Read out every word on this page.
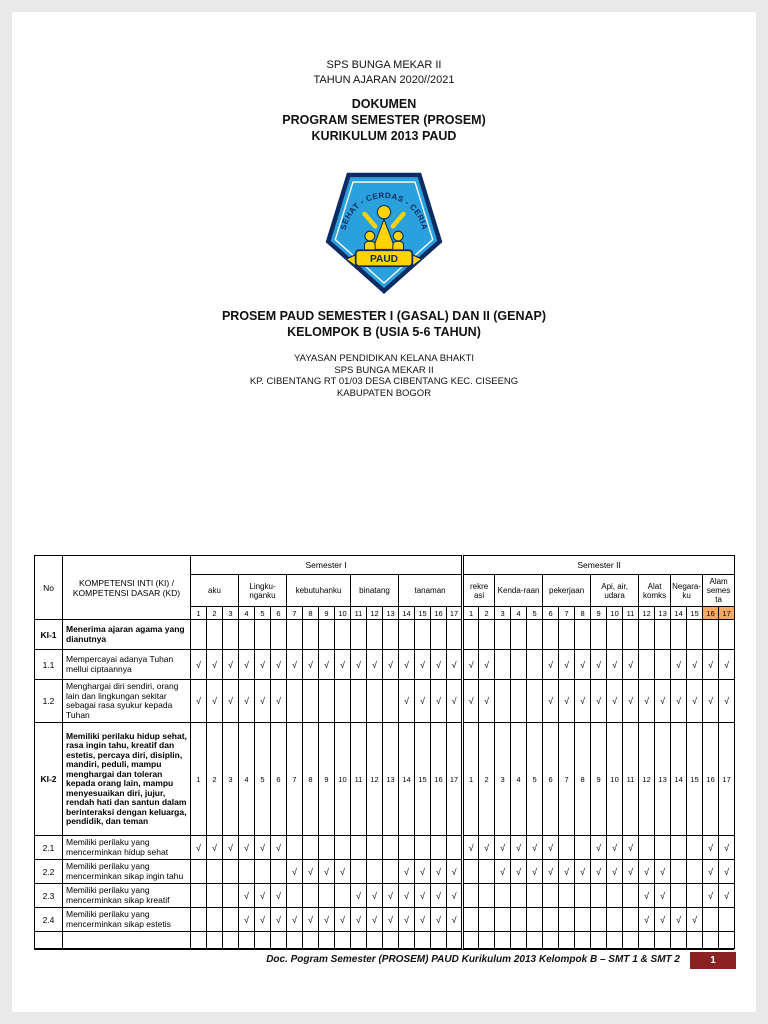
SPS BUNGA MEKAR II
TAHUN AJARAN 2020//2021
DOKUMEN
PROGRAM SEMESTER (PROSEM)
KURIKULUM 2013 PAUD
SEHAT - CERDAS - CERIA
PAUD
PROSEM PAUD SEMESTER I (GASAL) DAN II (GENAP)
KELOMPOK B (USIA 5-6 TAHUN)
YAYASAN PENDIDIKAN KELANA BHAKTI
SPS BUNGA MEKAR II
KP. CIBENTANG RT 01/03 DESA CIBENTANG KEC. CISEENG
KABUPATEN BOGOR
No	KOMPETENSI INTI (KI) / KOMPETENSI DASAR (KD)	Semester I																	Semester II																
		aku			Lingku-nganku			kebutuhanku				binatang			tanaman				rekre asi		Kenda-raan			pekerjaan			Api, air, udara			Alat komks		Negara-ku		Alam semes ta	
		1	2	3	4	5	6	7	8	9	10	11	12	13	14	15	16	17	1	2	3	4	5	6	7	8	9	10	11	12	13	14	15	16	17
KI-1	Menerima ajaran agama yang dianutnya																																		
1.1	Mempercayai adanya Tuhan mellui ciptaannya	√	√	√	√	√	√	√	√	√	√	√	√	√	√	√	√	√	√	√				√	√	√	√	√	√			√	√	√	√
1.2	Menghargai diri sendiri, orang lain dan lingkungan sekitar sebagai rasa syukur kepada Tuhan	√	√	√	√	√	√								√	√	√	√	√	√				√	√	√	√	√	√	√	√	√	√	√	√
KI-2	Memiliki perilaku hidup sehat, rasa ingin tahu, kreatif dan estetis, percaya diri, disiplin, mandiri, peduli, mampu menghargai dan toleran kepada orang lain, mampu menyesuaikan diri, jujur, rendah hati dan santun dalam berinteraksi dengan keluarga, pendidik, dan teman	1	2	3	4	5	6	7	8	9	10	11	12	13	14	15	16	17	1	2	3	4	5	6	7	8	9	10	11	12	13	14	15	16	17
2.1	Memiliki perilaku yang mencerminkan hidup sehat	√	√	√	√	√	√												√	√	√	√	√	√			√	√	√					√	√
2.2	Memiliki perilaku yang mencerminkan sikap ingin tahu							√	√	√	√				√	√	√	√			√	√	√	√	√	√	√	√	√	√	√			√	√
2.3	Memiliki perilaku yang mencerminkan sikap kreatif				√	√	√					√	√	√	√	√	√	√												√	√			√	√
2.4	Memiliki perilaku yang mencerminkan sikap estetis				√	√	√	√	√	√	√	√	√	√	√	√	√	√												√	√	√	√		

Doc. Pogram Semester (PROSEM) PAUD Kurikulum 2013 Kelompok B – SMT 1 & SMT 2	1
